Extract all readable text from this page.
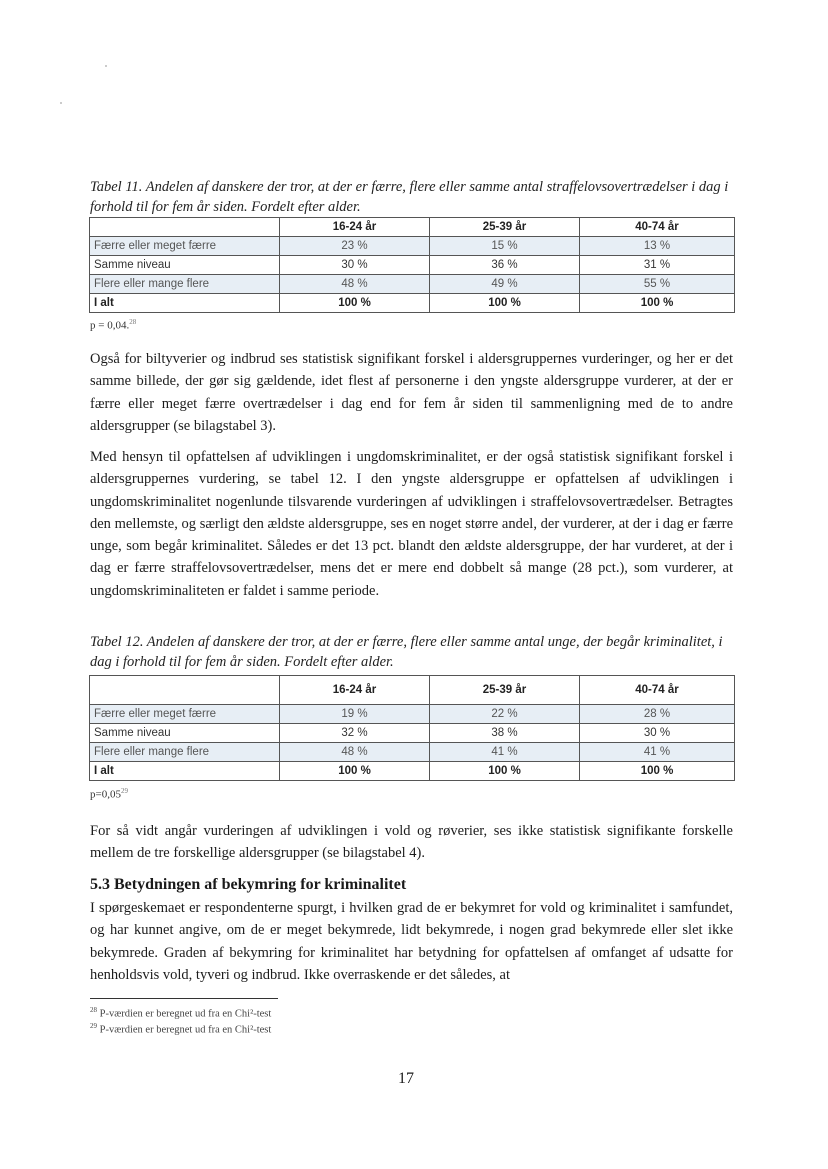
Tabel 11. Andelen af danskere der tror, at der er færre, flere eller samme antal straffelovsovertrædelser i dag i forhold til for fem år siden. Fordelt efter alder.
	16-24 år	25-39 år	40-74 år
Færre eller meget færre	23 %	15 %	13 %
Samme niveau	30 %	36 %	31 %
Flere eller mange flere	48 %	49 %	55 %
I alt	100 %	100 %	100 %
p = 0,04.28
Også for biltyverier og indbrud ses statistisk signifikant forskel i aldersgruppernes vurderinger, og her er det samme billede, der gør sig gældende, idet flest af personerne i den yngste aldersgruppe vurderer, at der er færre eller meget færre overtrædelser i dag end for fem år siden til sammenligning med de to andre aldersgrupper (se bilagstabel 3).
Med hensyn til opfattelsen af udviklingen i ungdomskriminalitet, er der også statistisk signifikant forskel i aldersgruppernes vurdering, se tabel 12. I den yngste aldersgruppe er opfattelsen af udviklingen i ungdomskriminalitet nogenlunde tilsvarende vurderingen af udviklingen i straffelovsovertrædelser. Betragtes den mellemste, og særligt den ældste aldersgruppe, ses en noget større andel, der vurderer, at der i dag er færre unge, som begår kriminalitet. Således er det 13 pct. blandt den ældste aldersgruppe, der har vurderet, at der i dag er færre straffelovsovertrædelser, mens det er mere end dobbelt så mange (28 pct.), som vurderer, at ungdomskriminaliteten er faldet i samme periode.
Tabel 12. Andelen af danskere der tror, at der er færre, flere eller samme antal unge, der begår kriminalitet, i dag i forhold til for fem år siden. Fordelt efter alder.
	16-24 år	25-39 år	40-74 år
Færre eller meget færre	19 %	22 %	28 %
Samme niveau	32 %	38 %	30 %
Flere eller mange flere	48 %	41 %	41 %
I alt	100 %	100 %	100 %
$p=0,05^{29}$
For så vidt angår vurderingen af udviklingen i vold og røverier, ses ikke statistisk signifikante forskelle mellem de tre forskellige aldersgrupper (se bilagstabel 4).
5.3 Betydningen af bekymring for kriminalitet
I spørgeskemaet er respondenterne spurgt, i hvilken grad de er bekymret for vold og kriminalitet i samfundet, og har kunnet angive, om de er meget bekymrede, lidt bekymrede, i nogen grad bekymrede eller slet ikke bekymrede. Graden af bekymring for kriminalitet har betydning for opfattelsen af omfanget af udsatte for henholdsvis vold, tyveri og indbrud. Ikke overraskende er det således, at
$^{28}$ P-værdien er beregnet ud fra en Chi²-test
$^{29}$ P-værdien er beregnet ud fra en Chi²-test
17
